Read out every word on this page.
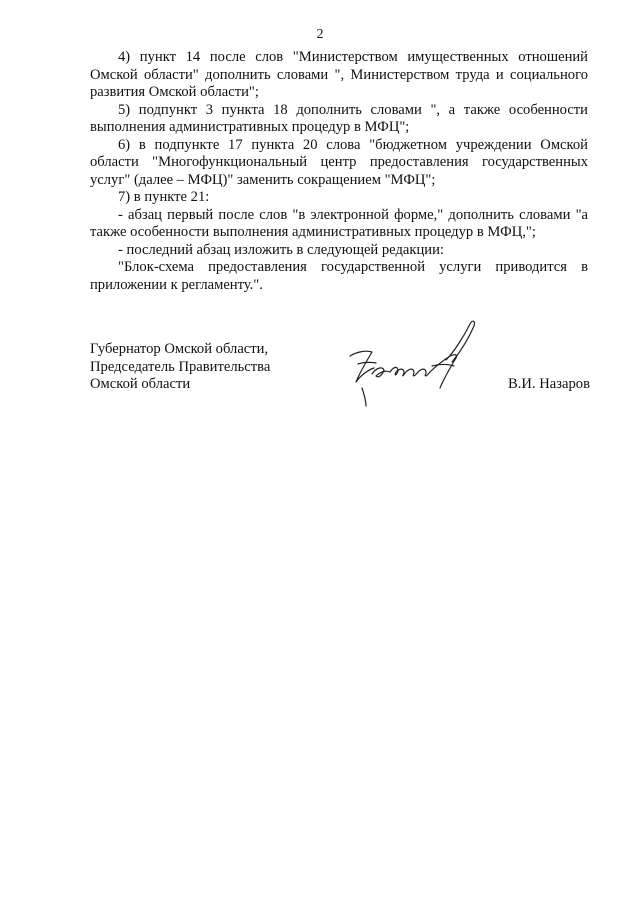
2

4) пункт 14 после слов "Министерством имущественных отношений Омской области" дополнить словами ", Министерством труда и социального развития Омской области";

5) подпункт 3 пункта 18 дополнить словами ", а также особенности выполнения административных процедур в МФЦ";

6) в подпункте 17 пункта 20 слова "бюджетном учреждении Омской области "Многофункциональный центр предоставления государственных услуг" (далее – МФЦ)" заменить сокращением "МФЦ";

7) в пункте 21:

- абзац первый после слов "в электронной форме," дополнить словами "а также особенности выполнения административных процедур в МФЦ,";

- последний абзац изложить в следующей редакции:

"Блок-схема предоставления государственной услуги приводится в приложении к регламенту.".

Губернатор Омской области,
Председатель Правительства
Омской области	В.И. Назаров
